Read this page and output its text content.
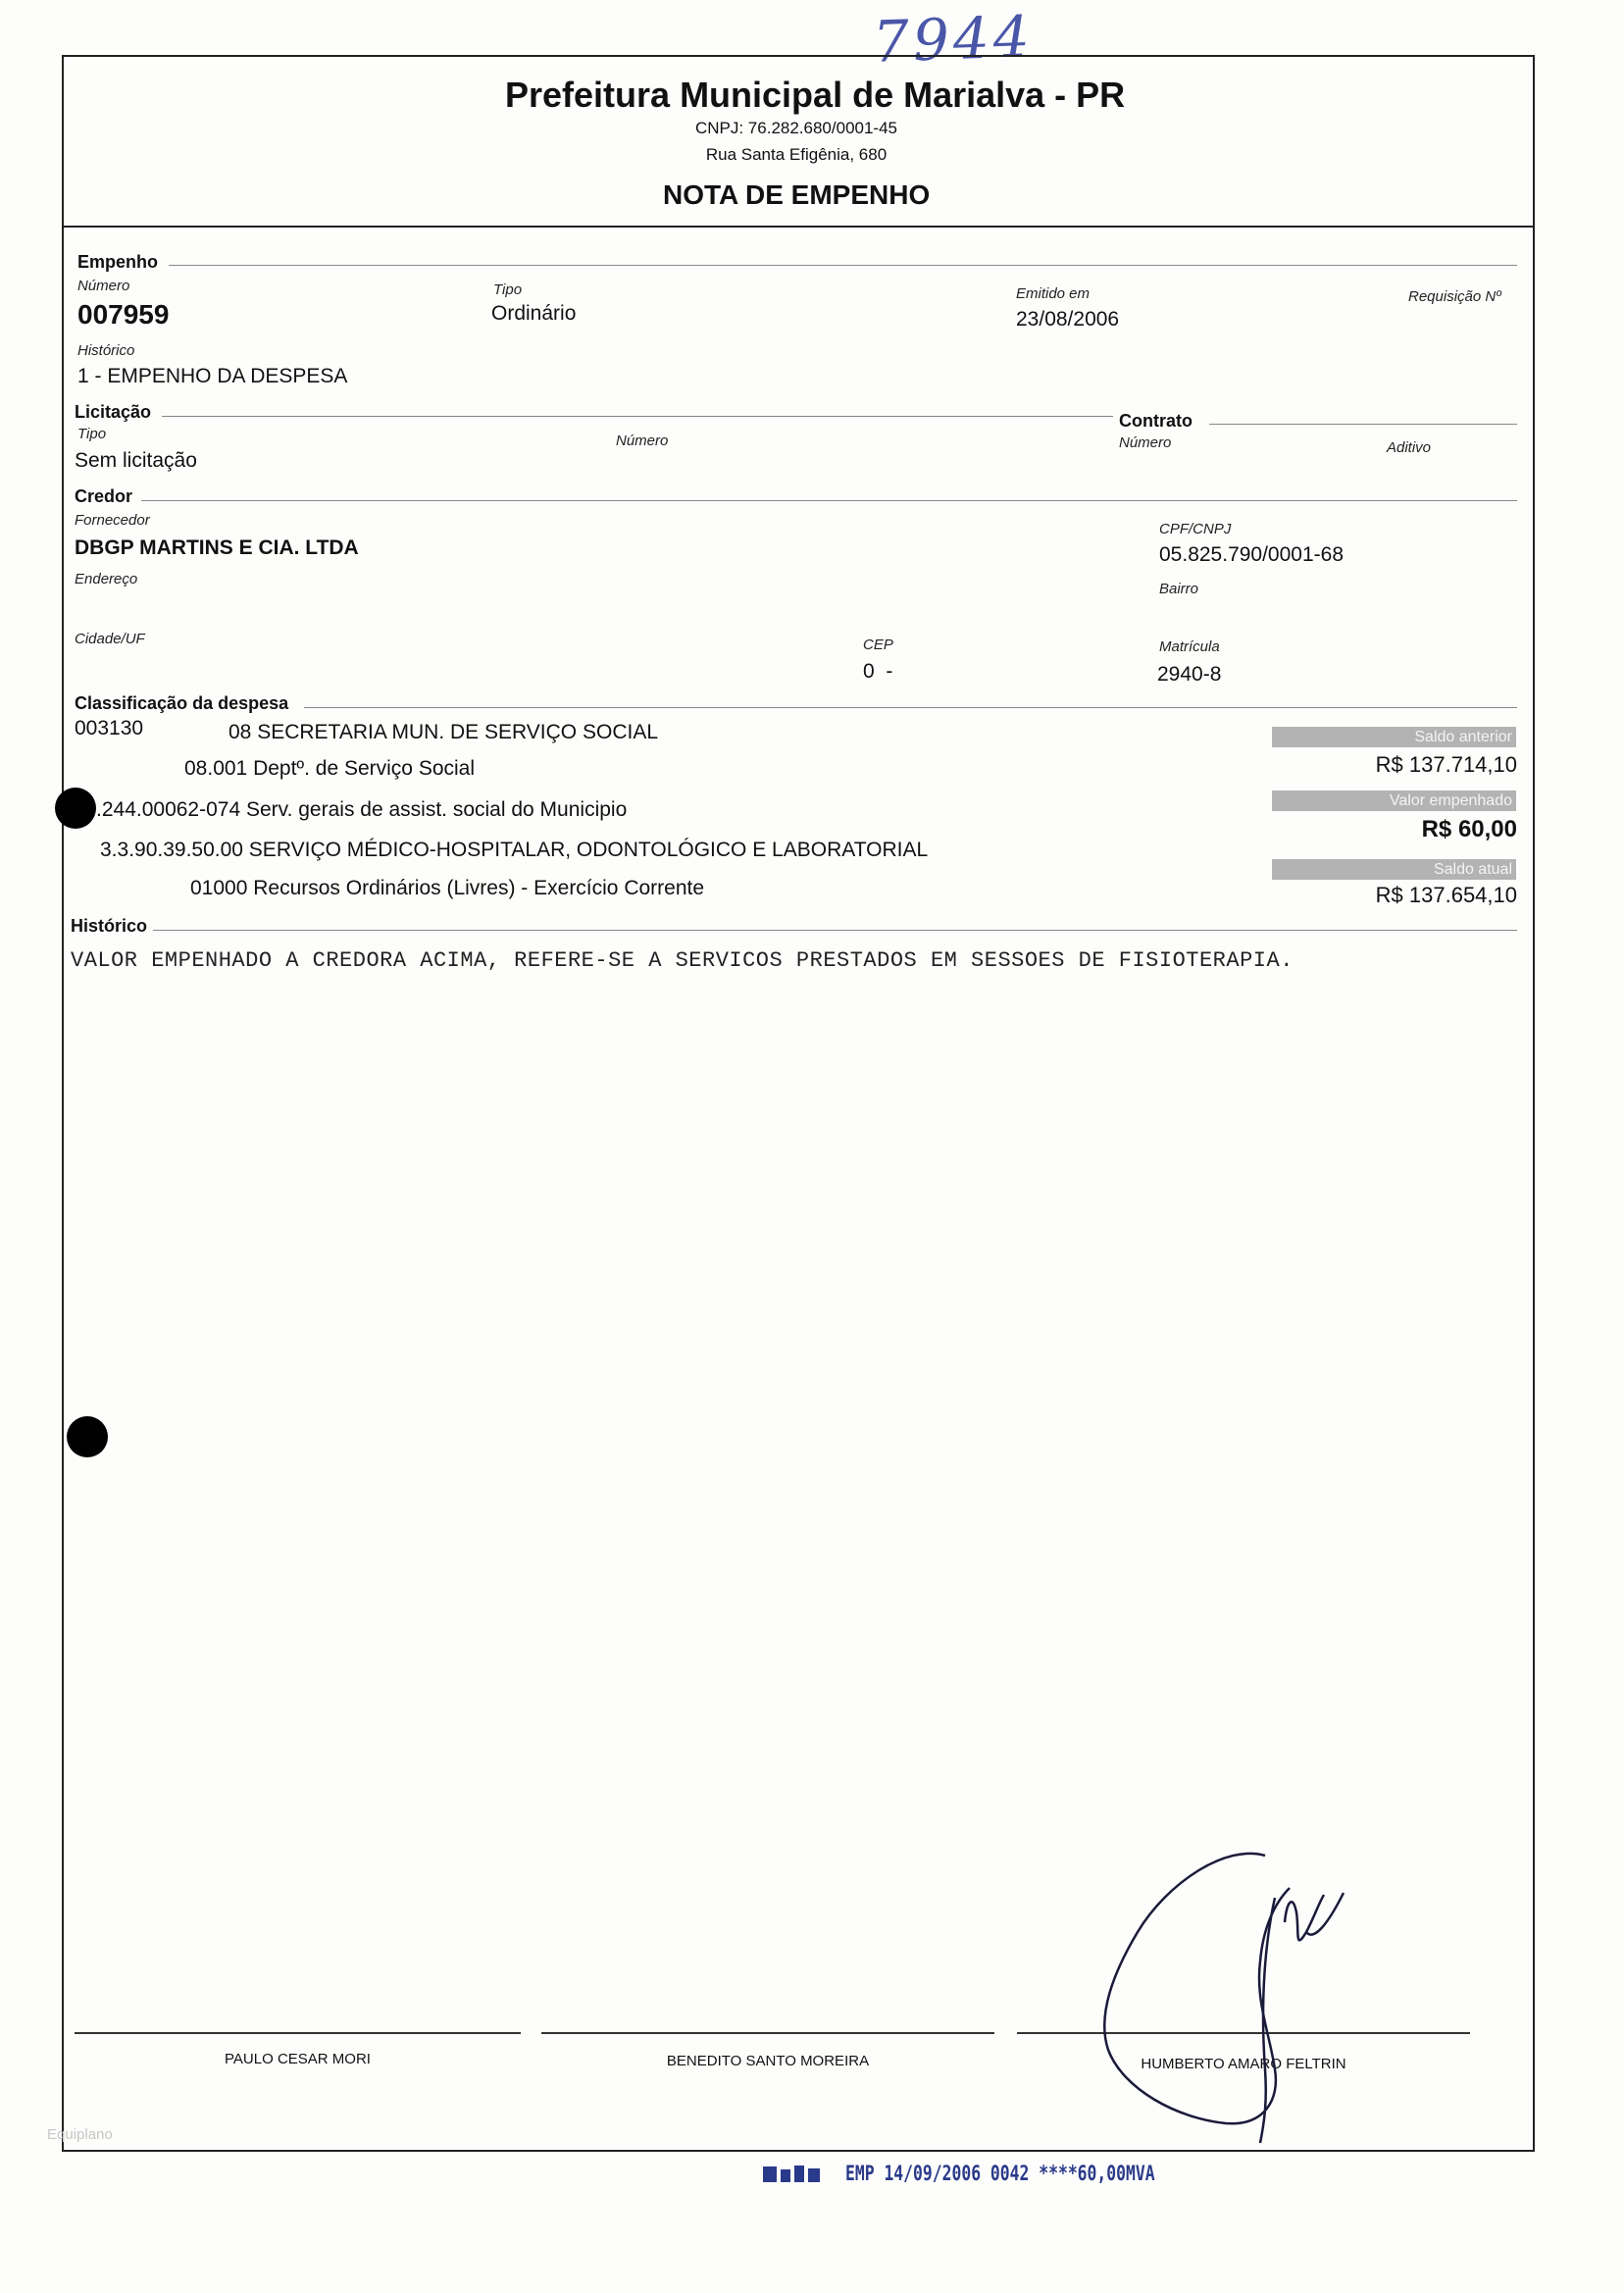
7944
Prefeitura Municipal de Marialva - PR
CNPJ: 76.282.680/0001-45
Rua Santa Efigênia, 680
NOTA DE EMPENHO
Empenho
Número
007959
Tipo
Ordinário
Emitido em
23/08/2006
Requisição Nº
Histórico
1 - EMPENHO DA DESPESA
Licitação
Tipo
Sem licitação
Número
Contrato
Número	Aditivo
Credor
Fornecedor
DBGP MARTINS E CIA. LTDA
CPF/CNPJ
05.825.790/0001-68
Endereço
Bairro
Cidade/UF	CEP
0  -
Matrícula
2940-8
Classificação da despesa
003130	08 SECRETARIA MUN. DE SERVIÇO SOCIAL
08.001 Deptº. de Serviço Social
.244.00062-074 Serv. gerais de assist. social do Municipio
3.3.90.39.50.00 SERVIÇO MÉDICO-HOSPITALAR, ODONTOLÓGICO E LABORATORIAL
01000 Recursos Ordinários (Livres) - Exercício Corrente
Saldo anterior
R$ 137.714,10
Valor empenhado
R$ 60,00
Saldo atual
R$ 137.654,10
Histórico
VALOR EMPENHADO A CREDORA ACIMA, REFERE-SE A SERVICOS PRESTADOS EM SESSOES DE FISIOTERAPIA.
PAULO CESAR MORI	BENEDITO SANTO MOREIRA	HUMBERTO AMARO FELTRIN
Equiplano
EMP 14/09/2006 0042 ****60,00MVA
